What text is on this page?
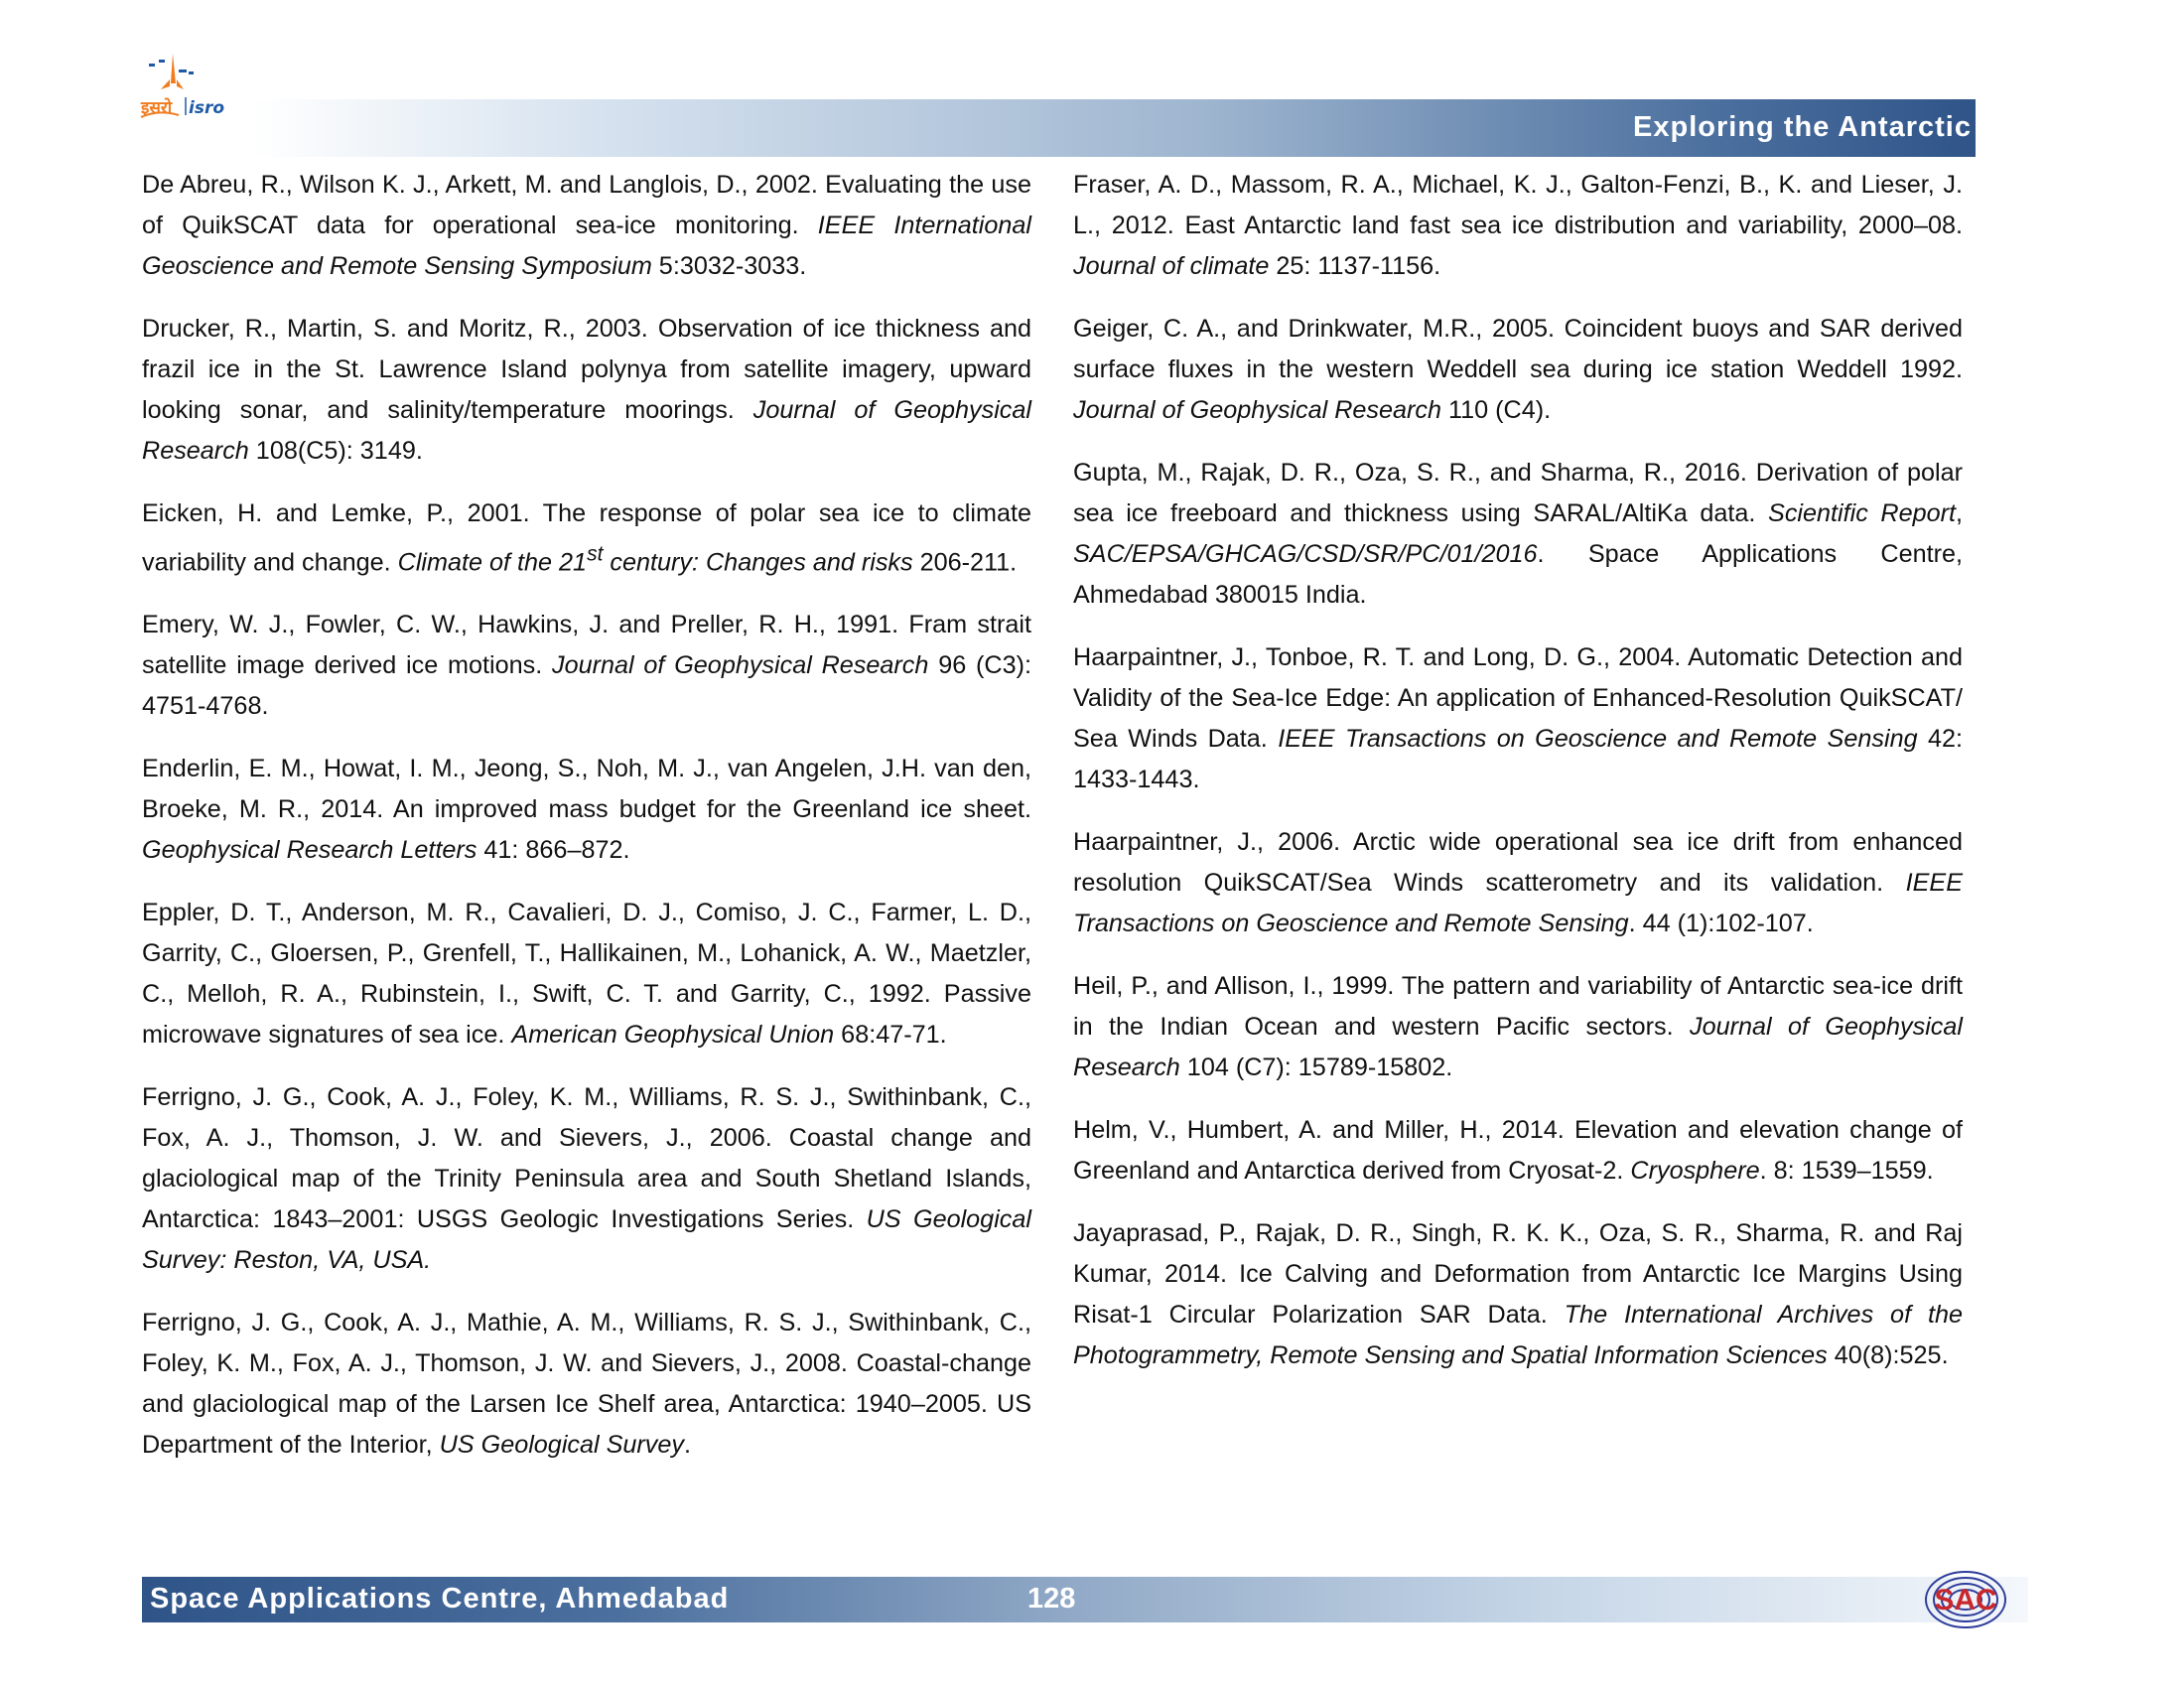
इसरो isro
Exploring the Antarctic

De Abreu, R., Wilson K. J., Arkett, M. and Langlois, D., 2002. Evaluating the use of QuikSCAT data for operational sea-ice monitoring. IEEE International Geoscience and Remote Sensing Symposium 5:3032-3033.

Drucker, R., Martin, S. and Moritz, R., 2003. Observation of ice thickness and frazil ice in the St. Lawrence Island polynya from satellite imagery, upward looking sonar, and salinity/temperature moorings. Journal of Geophysical Research 108(C5): 3149.

Eicken, H. and Lemke, P., 2001. The response of polar sea ice to climate variability and change. Climate of the 21st century: Changes and risks 206-211.

Emery, W. J., Fowler, C. W., Hawkins, J. and Preller, R. H., 1991. Fram strait satellite image derived ice motions. Journal of Geophysical Research 96 (C3): 4751-4768.

Enderlin, E. M., Howat, I. M., Jeong, S., Noh, M. J., van Angelen, J.H. van den, Broeke, M. R., 2014. An improved mass budget for the Greenland ice sheet. Geophysical Research Letters 41: 866–872.

Eppler, D. T., Anderson, M. R., Cavalieri, D. J., Comiso, J. C., Farmer, L. D., Garrity, C., Gloersen, P., Grenfell, T., Hallikainen, M., Lohanick, A. W., Maetzler, C., Melloh, R. A., Rubinstein, I., Swift, C. T. and Garrity, C., 1992. Passive microwave signatures of sea ice. American Geophysical Union 68:47-71.

Ferrigno, J. G., Cook, A. J., Foley, K. M., Williams, R. S. J., Swithinbank, C., Fox, A. J., Thomson, J. W. and Sievers, J., 2006. Coastal change and glaciological map of the Trinity Peninsula area and South Shetland Islands, Antarctica: 1843–2001: USGS Geologic Investigations Series. US Geological Survey: Reston, VA, USA.

Ferrigno, J. G., Cook, A. J., Mathie, A. M., Williams, R. S. J., Swithinbank, C., Foley, K. M., Fox, A. J., Thomson, J. W. and Sievers, J., 2008. Coastal-change and glaciological map of the Larsen Ice Shelf area, Antarctica: 1940–2005. US Department of the Interior, US Geological Survey.

Fraser, A. D., Massom, R. A., Michael, K. J., Galton-Fenzi, B., K. and Lieser, J. L., 2012. East Antarctic land fast sea ice distribution and variability, 2000–08. Journal of climate 25: 1137-1156.

Geiger, C. A., and Drinkwater, M.R., 2005. Coincident buoys and SAR derived surface fluxes in the western Weddell sea during ice station Weddell 1992. Journal of Geophysical Research 110 (C4).

Gupta, M., Rajak, D. R., Oza, S. R., and Sharma, R., 2016. Derivation of polar sea ice freeboard and thickness using SARAL/AltiKa data. Scientific Report, SAC/EPSA/GHCAG/CSD/SR/PC/01/2016. Space Applications Centre, Ahmedabad 380015 India.

Haarpaintner, J., Tonboe, R. T. and Long, D. G., 2004. Automatic Detection and Validity of the Sea-Ice Edge: An application of Enhanced-Resolution QuikSCAT/ Sea Winds Data. IEEE Transactions on Geoscience and Remote Sensing 42: 1433-1443.

Haarpaintner, J., 2006. Arctic wide operational sea ice drift from enhanced resolution QuikSCAT/Sea Winds scatterometry and its validation. IEEE Transactions on Geoscience and Remote Sensing. 44 (1):102-107.

Heil, P., and Allison, I., 1999. The pattern and variability of Antarctic sea-ice drift in the Indian Ocean and western Pacific sectors. Journal of Geophysical Research 104 (C7): 15789-15802.

Helm, V., Humbert, A. and Miller, H., 2014. Elevation and elevation change of Greenland and Antarctica derived from Cryosat-2. Cryosphere. 8: 1539–1559.

Jayaprasad, P., Rajak, D. R., Singh, R. K. K., Oza, S. R., Sharma, R. and Raj Kumar, 2014. Ice Calving and Deformation from Antarctic Ice Margins Using Risat-1 Circular Polarization SAR Data. The International Archives of the Photogrammetry, Remote Sensing and Spatial Information Sciences 40(8):525.

Space Applications Centre, Ahmedabad	128	SAC
